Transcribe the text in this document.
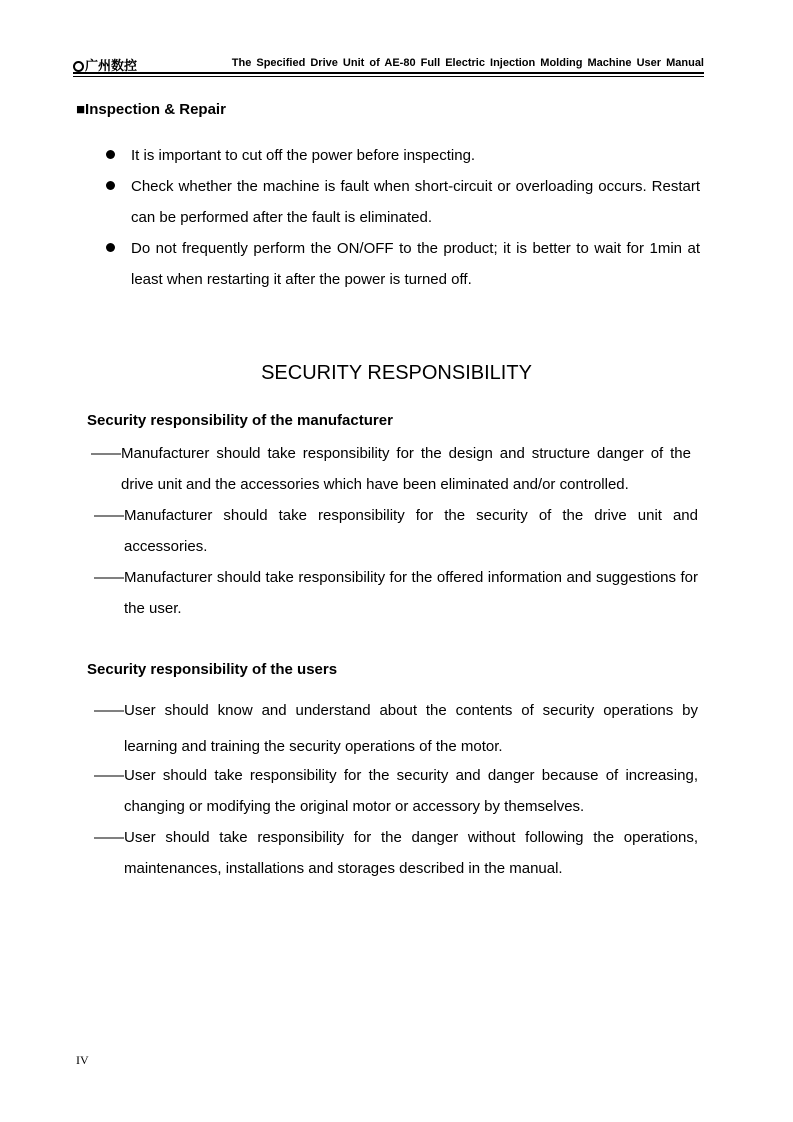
广州数控	The Specified Drive Unit of AE-80 Full Electric Injection Molding Machine User Manual
■Inspection & Repair
It is important to cut off the power before inspecting.
Check whether the machine is fault when short-circuit or overloading occurs. Restart can be performed after the fault is eliminated.
Do not frequently perform the ON/OFF to the product; it is better to wait for 1min at least when restarting it after the power is turned off.
SECURITY RESPONSIBILITY
Security responsibility of the manufacturer
——Manufacturer should take responsibility for the design and structure danger of the drive unit and the accessories which have been eliminated and/or controlled.
——Manufacturer should take responsibility for the security of the drive unit and accessories.
——Manufacturer should take responsibility for the offered information and suggestions for the user.
Security responsibility of the users
——User should know and understand about the contents of security operations by learning and training the security operations of the motor.
——User should take responsibility for the security and danger because of increasing, changing or modifying the original motor or accessory by themselves.
——User should take responsibility for the danger without following the operations, maintenances, installations and storages described in the manual.
IV
